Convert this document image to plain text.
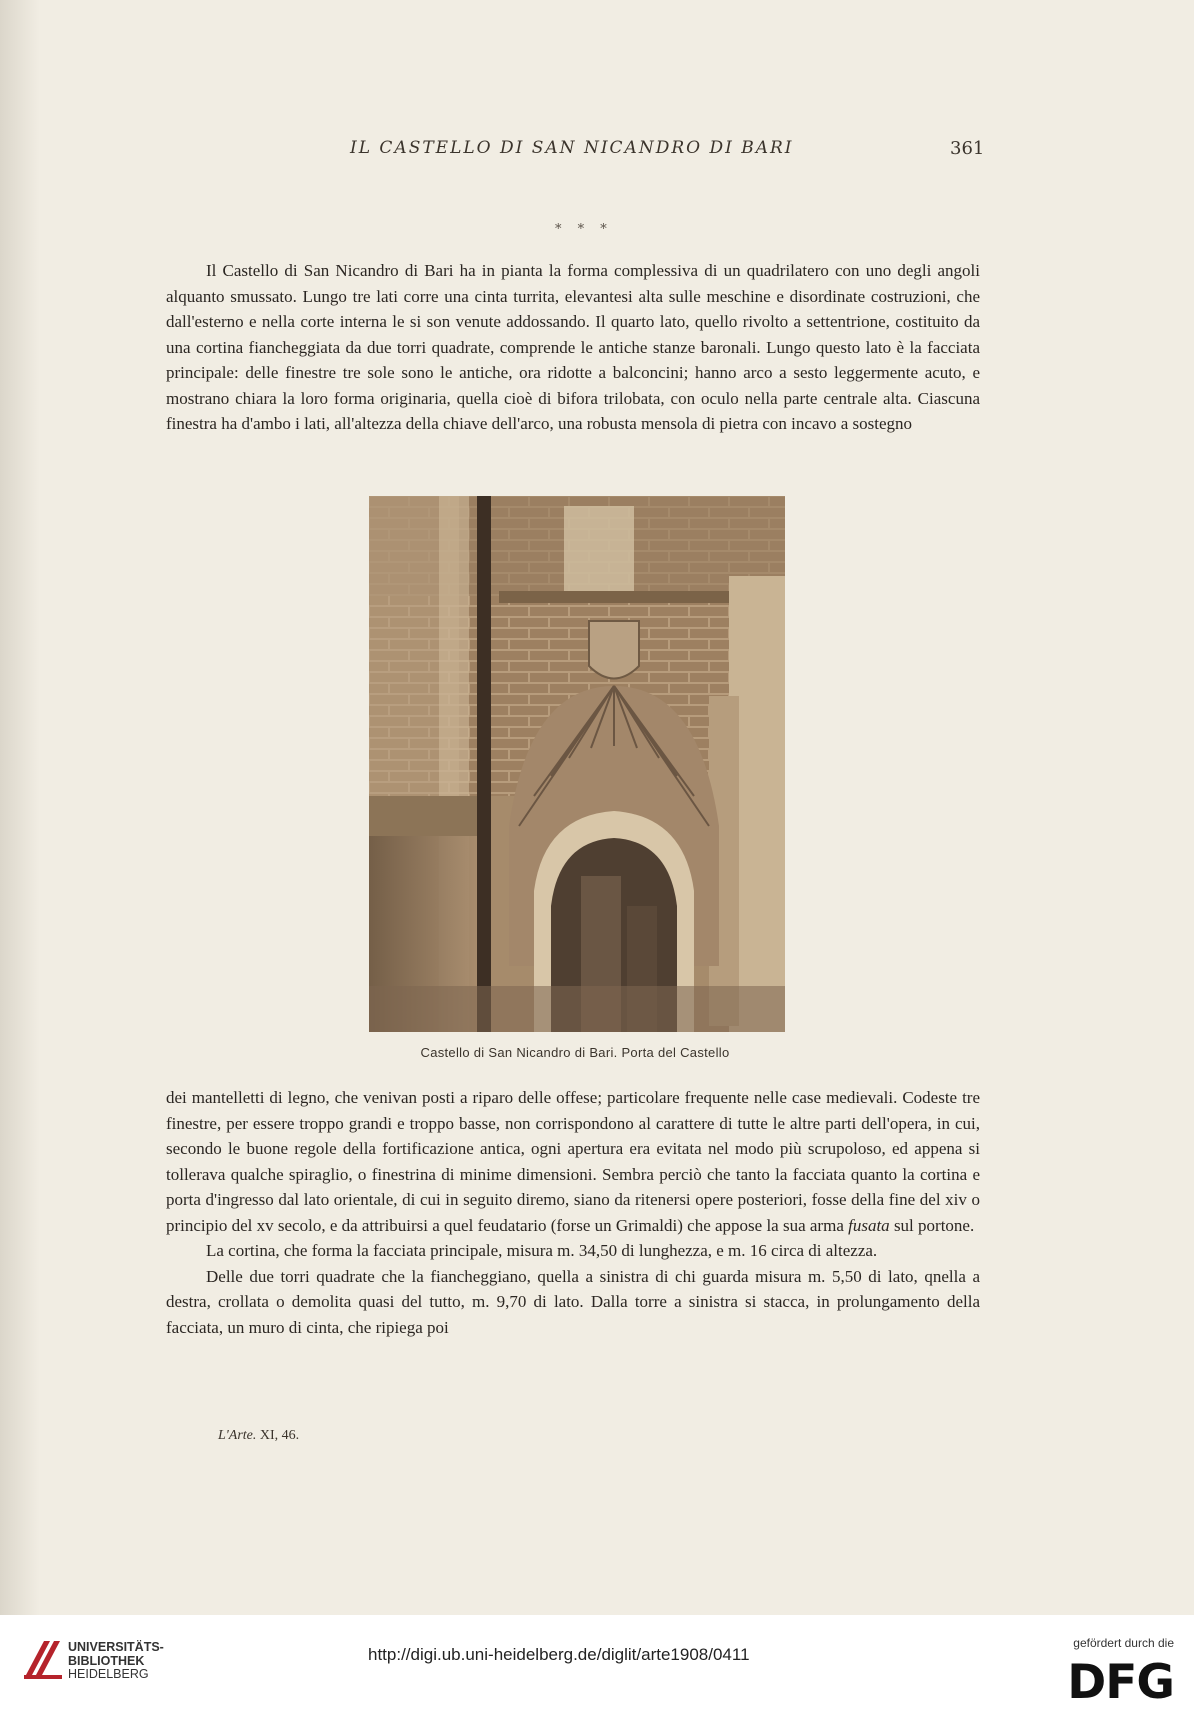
IL CASTELLO DI SAN NICANDRO DI BARI	361
* * *

Il Castello di San Nicandro di Bari ha in pianta la forma complessiva di un quadrilatero con uno degli angoli alquanto smussato. Lungo tre lati corre una cinta turrita, elevantesi alta sulle meschine e disordinate costruzioni, che dall'esterno e nella corte interna le si son venute addossando. Il quarto lato, quello rivolto a settentrione, costituito da una cortina fiancheggiata da due torri quadrate, comprende le antiche stanze baronali. Lungo questo lato è la facciata principale: delle finestre tre sole sono le antiche, ora ridotte a balconcini; hanno arco a sesto leggermente acuto, e mostrano chiara la loro forma originaria, quella cioè di bifora trilobata, con oculo nella parte centrale alta. Ciascuna finestra ha d'ambo i lati, all'altezza della chiave dell'arco, una robusta mensola di pietra con incavo a sostegno

Castello di San Nicandro di Bari. Porta del Castello

dei mantelletti di legno, che venivan posti a riparo delle offese; particolare frequente nelle case medievali. Codeste tre finestre, per essere troppo grandi e troppo basse, non corrispondono al carattere di tutte le altre parti dell'opera, in cui, secondo le buone regole della fortificazione antica, ogni apertura era evitata nel modo più scrupoloso, ed appena si tollerava qualche spiraglio, o finestrina di minime dimensioni. Sembra perciò che tanto la facciata quanto la cortina e porta d'ingresso dal lato orientale, di cui in seguito diremo, siano da ritenersi opere posteriori, fosse della fine del xiv o principio del xv secolo, e da attribuirsi a quel feudatario (forse un Grimaldi) che appose la sua arma fusata sul portone.

La cortina, che forma la facciata principale, misura m. 34,50 di lunghezza, e m. 16 circa di altezza.

Delle due torri quadrate che la fiancheggiano, quella a sinistra di chi guarda misura m. 5,50 di lato, qnella a destra, crollata o demolita quasi del tutto, m. 9,70 di lato. Dalla torre a sinistra si stacca, in prolungamento della facciata, un muro di cinta, che ripiega poi

L'Arte. XI, 46.
UNIVERSITÄTS-
BIBLIOTHEK
HEIDELBERG
http://digi.ub.uni-heidelberg.de/diglit/arte1908/0411
gefördert durch die
DFG
